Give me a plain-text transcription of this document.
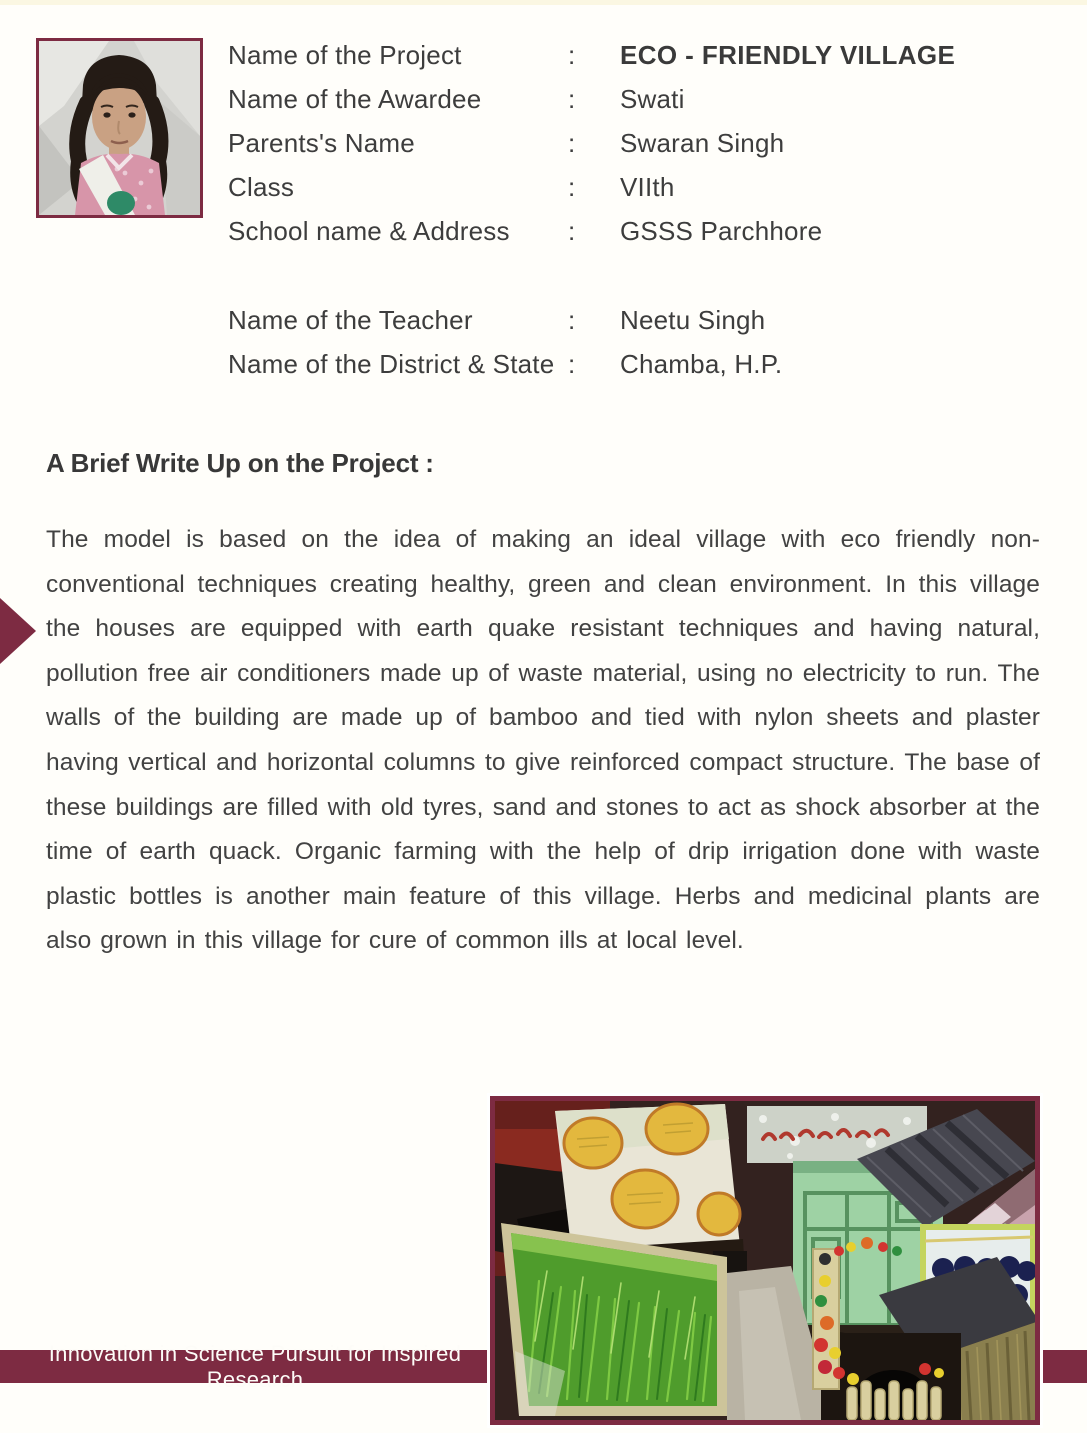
Name of the Project	:	ECO - FRIENDLY VILLAGE
Name of the Awardee	:	Swati
Parents's Name	:	Swaran Singh
Class	:	VIIth
School name & Address	:	GSSS Parchhore
Name of the Teacher	:	Neetu Singh
Name of the District & State :	Chamba, H.P.
A Brief Write Up on the Project :

The model is based on the idea of making an ideal village with eco friendly non-conventional techniques creating healthy, green and clean environment. In this village the houses are equipped with earth quake resistant techniques and having natural, pollution free air conditioners made up of waste material, using no electricity to run. The walls of the building are made up of bamboo and tied with nylon sheets and plaster having vertical and horizontal columns to give reinforced compact structure. The base of these buildings are filled with old tyres, sand and stones to act as shock absorber at the time of earth quack. Organic farming with the help of drip irrigation done with waste plastic bottles is another main feature of this village. Herbs and medicinal plants are also grown in this village for cure of common ills at local level.

Innovation in Science Pursuit for Inspired Research
